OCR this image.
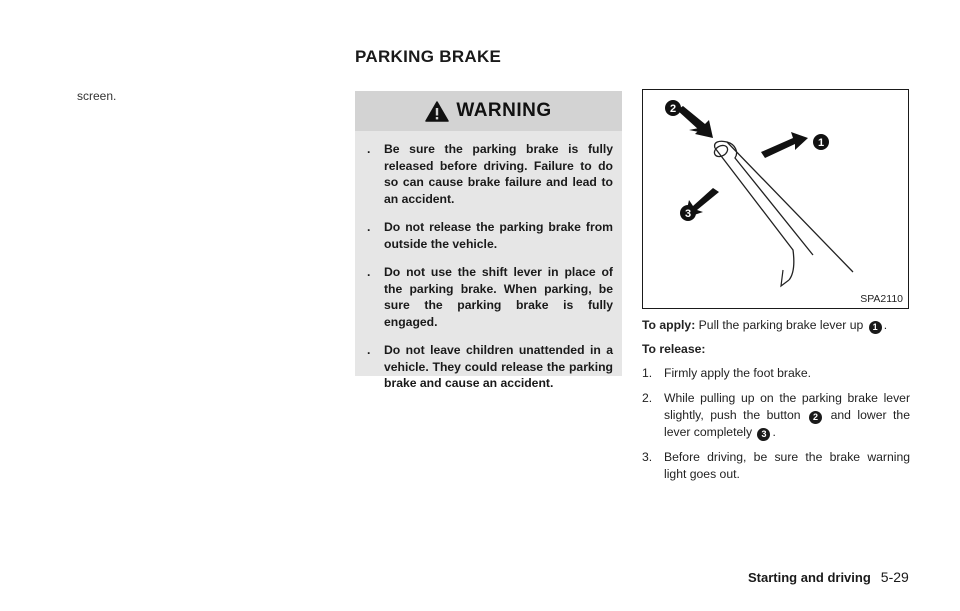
PARKING BRAKE
screen.
WARNING
. Be sure the parking brake is fully released before driving. Failure to do so can cause brake failure and lead to an accident.
. Do not release the parking brake from outside the vehicle.
. Do not use the shift lever in place of the parking brake. When parking, be sure the parking brake is fully engaged.
. Do not leave children unattended in a vehicle. They could release the parking brake and cause an accident.
2
1
3
SPA2110

To apply: Pull the parking brake lever up 1 .

To release:

1. Firmly apply the foot brake.
2. While pulling up on the parking brake lever slightly, push the button 2 and lower the lever completely 3 .
3. Before driving, be sure the brake warning light goes out.
Starting and driving 5-29
